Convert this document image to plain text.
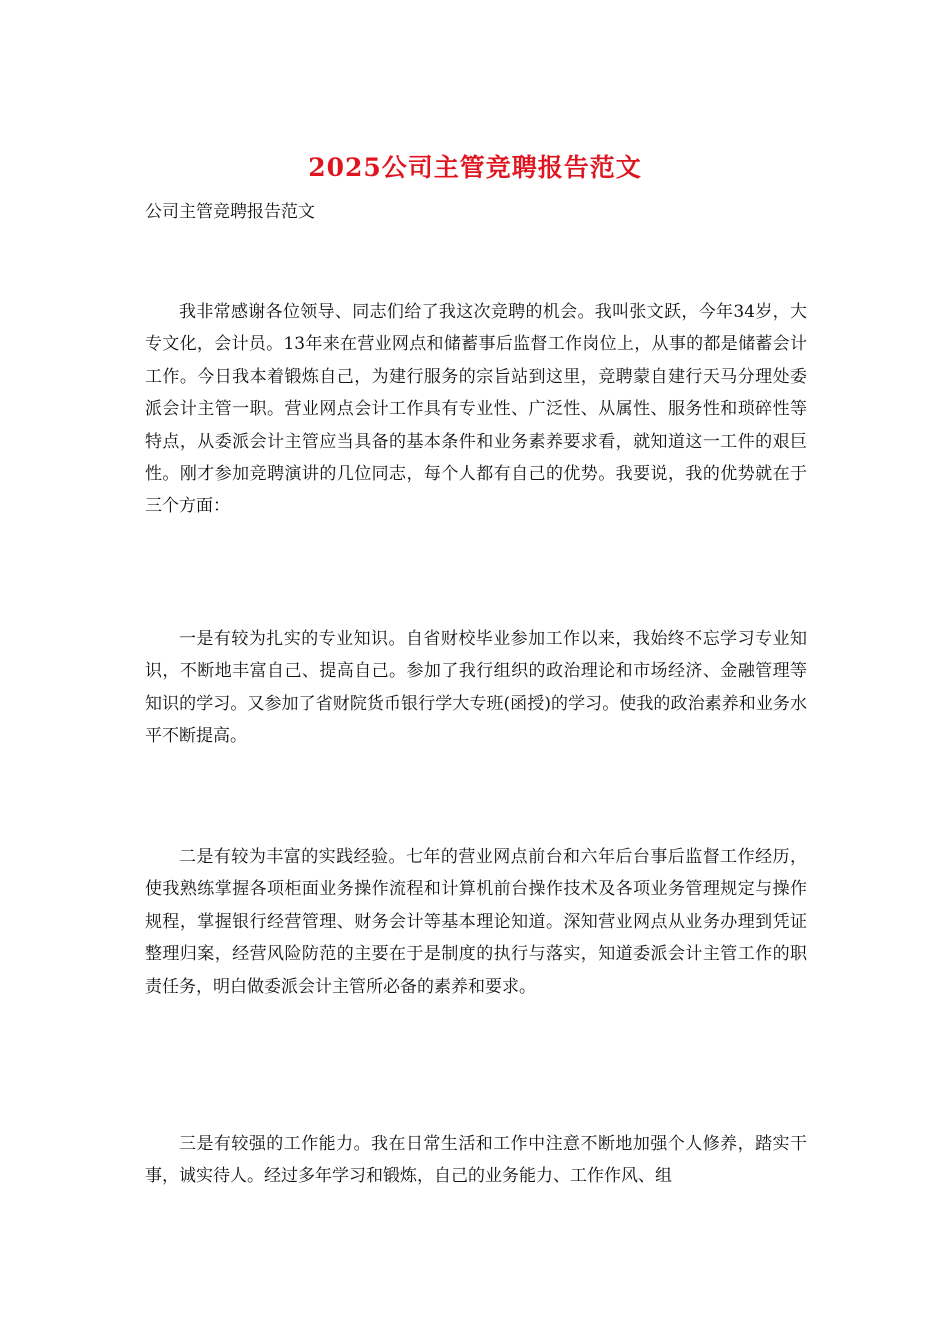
2025公司主管竞聘报告范文
公司主管竞聘报告范文

我非常感谢各位领导、同志们给了我这次竞聘的机会。我叫张文跃，今年34岁，大专文化，会计员。13年来在营业网点和储蓄事后监督工作岗位上，从事的都是储蓄会计工作。今日我本着锻炼自己，为建行服务的宗旨站到这里，竞聘蒙自建行天马分理处委派会计主管一职。营业网点会计工作具有专业性、广泛性、从属性、服务性和琐碎性等特点，从委派会计主管应当具备的基本条件和业务素养要求看，就知道这一工件的艰巨性。刚才参加竞聘演讲的几位同志，每个人都有自己的优势。我要说，我的优势就在于三个方面：

一是有较为扎实的专业知识。自省财校毕业参加工作以来，我始终不忘学习专业知识，不断地丰富自己、提高自己。参加了我行组织的政治理论和市场经济、金融管理等知识的学习。又参加了省财院货币银行学大专班(函授)的学习。使我的政治素养和业务水平不断提高。

二是有较为丰富的实践经验。七年的营业网点前台和六年后台事后监督工作经历，使我熟练掌握各项柜面业务操作流程和计算机前台操作技术及各项业务管理规定与操作规程，掌握银行经营管理、财务会计等基本理论知道。深知营业网点从业务办理到凭证整理归案，经营风险防范的主要在于是制度的执行与落实，知道委派会计主管工作的职责任务，明白做委派会计主管所必备的素养和要求。

三是有较强的工作能力。我在日常生活和工作中注意不断地加强个人修养，踏实干事，诚实待人。经过多年学习和锻炼，自己的业务能力、工作作风、组
